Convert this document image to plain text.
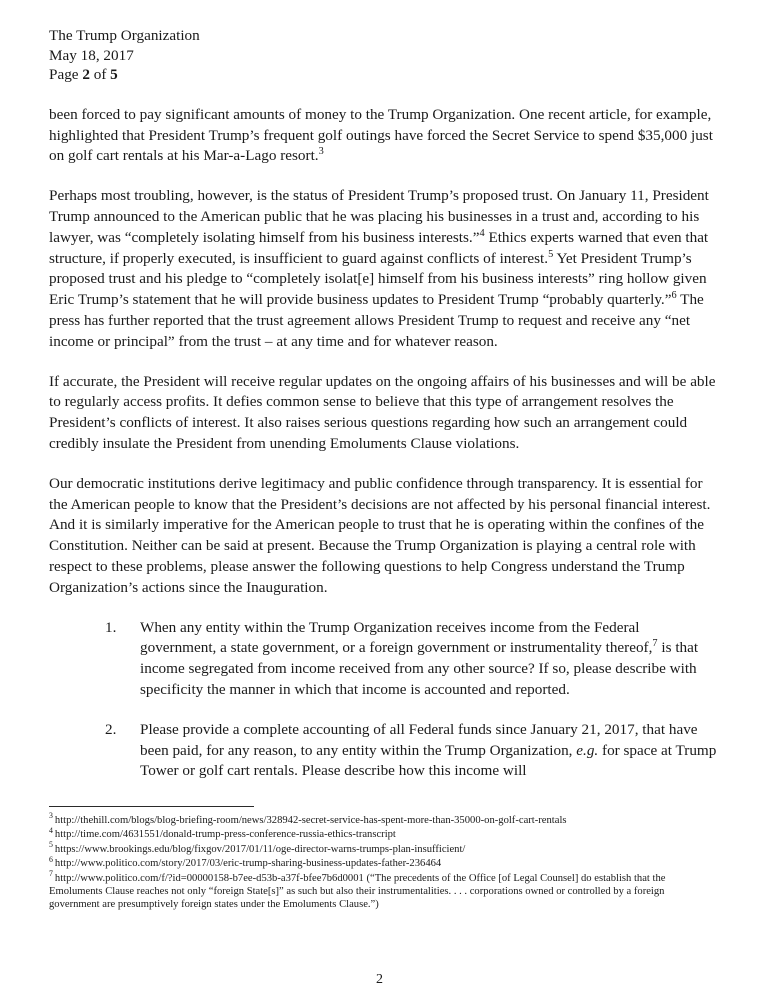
The Trump Organization
May 18, 2017
Page 2 of 5

been forced to pay significant amounts of money to the Trump Organization. One recent article, for example, highlighted that President Trump’s frequent golf outings have forced the Secret Service to spend $35,000 just on golf cart rentals at his Mar-a-Lago resort.$^3$

Perhaps most troubling, however, is the status of President Trump’s proposed trust. On January 11, President Trump announced to the American public that he was placing his businesses in a trust and, according to his lawyer, was “completely isolating himself from his business interests.”$^4$ Ethics experts warned that even that structure, if properly executed, is insufficient to guard against conflicts of interest.$^5$ Yet President Trump’s proposed trust and his pledge to “completely isolat[e] himself from his business interests” ring hollow given Eric Trump’s statement that he will provide business updates to President Trump “probably quarterly.”$^6$ The press has further reported that the trust agreement allows President Trump to request and receive any “net income or principal” from the trust – at any time and for whatever reason.

If accurate, the President will receive regular updates on the ongoing affairs of his businesses and will be able to regularly access profits. It defies common sense to believe that this type of arrangement resolves the President’s conflicts of interest. It also raises serious questions regarding how such an arrangement could credibly insulate the President from unending Emoluments Clause violations.

Our democratic institutions derive legitimacy and public confidence through transparency. It is essential for the American people to know that the President’s decisions are not affected by his personal financial interest. And it is similarly imperative for the American people to trust that he is operating within the confines of the Constitution. Neither can be said at present. Because the Trump Organization is playing a central role with respect to these problems, please answer the following questions to help Congress understand the Trump Organization’s actions since the Inauguration.

1. When any entity within the Trump Organization receives income from the Federal government, a state government, or a foreign government or instrumentality thereof,$^7$ is that income segregated from income received from any other source? If so, please describe with specificity the manner in which that income is accounted and reported.
2. Please provide a complete accounting of all Federal funds since January 21, 2017, that have been paid, for any reason, to any entity within the Trump Organization, e.g. for space at Trump Tower or golf cart rentals. Please describe how this income will
$^3$ http://thehill.com/blogs/blog-briefing-room/news/328942-secret-service-has-spent-more-than-35000-on-golf-cart-rentals
$^4$ http://time.com/4631551/donald-trump-press-conference-russia-ethics-transcript
$^5$ https://www.brookings.edu/blog/fixgov/2017/01/11/oge-director-warns-trumps-plan-insufficient/
$^6$ http://www.politico.com/story/2017/03/eric-trump-sharing-business-updates-father-236464
$^7$ http://www.politico.com/f/?id=00000158-b7ee-d53b-a37f-bfee7b6d0001 (“The precedents of the Office [of Legal Counsel] do establish that the Emoluments Clause reaches not only “foreign State[s]” as such but also their instrumentalities. . . . corporations owned or controlled by a foreign government are presumptively foreign states under the Emoluments Clause.”)
2
